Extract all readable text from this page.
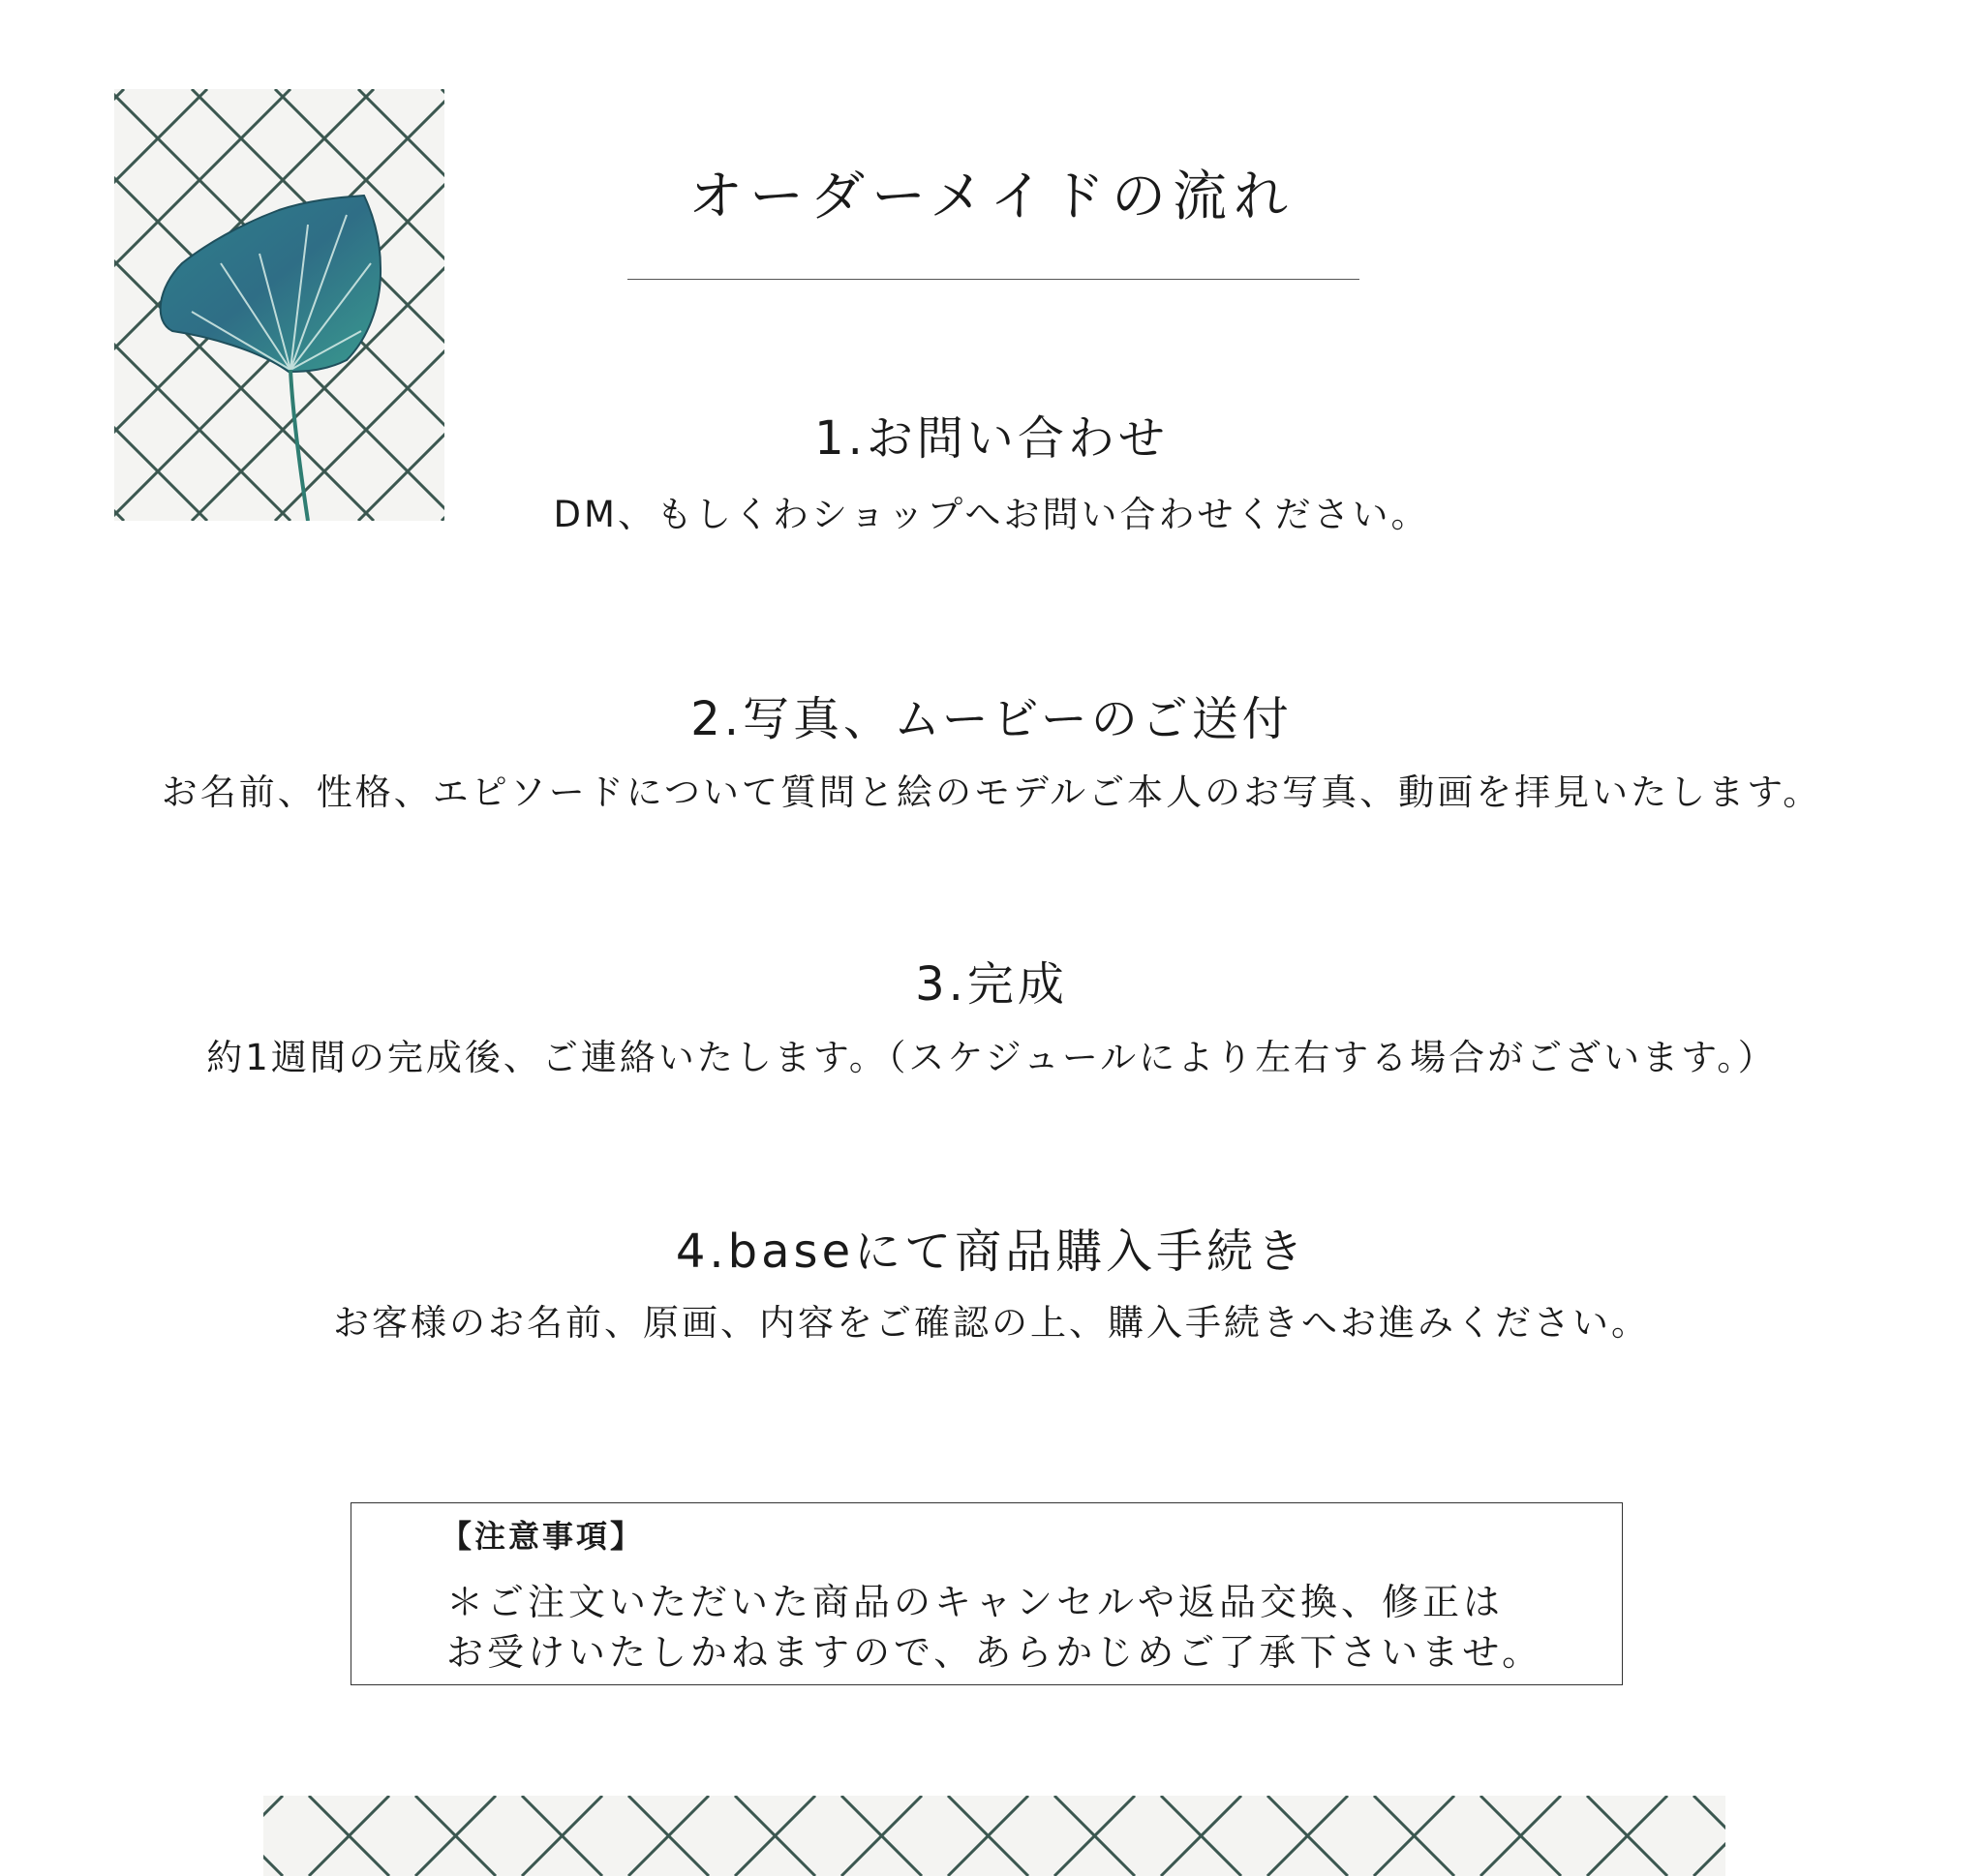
オーダーメイドの流れ
1.お問い合わせ
DM、もしくわショップへお問い合わせください。
2.写真、ムービーのご送付
お名前、性格、エピソードについて質問と絵のモデルご本人のお写真、動画を拝見いたします。
3.完成
約1週間の完成後、ご連絡いたします。（スケジュールにより左右する場合がございます。）
4.baseにて商品購入手続き
お客様のお名前、原画、内容をご確認の上、購入手続きへお進みください。
【注意事項】
＊ご注文いただいた商品のキャンセルや返品交換、修正は
お受けいたしかねますので、あらかじめご了承下さいませ。
